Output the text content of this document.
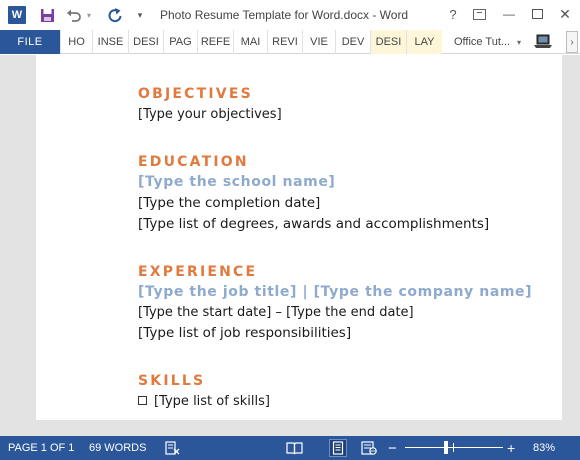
W	▾	▾	Photo Resume Template for Word.docx - Word	?	—	✕
FILE	HO	INSE DESI PAG REFE MAI	REVI	VIE	DEV	DESI	LAY	Office Tut... ▾	›
OBJECTIVES
[Type your objectives]
EDUCATION
[Type the school name]
[Type the completion date]
[Type list of degrees, awards and accomplishments]
EXPERIENCE
[Type the job title] | [Type the company name]
[Type the start date] – [Type the end date]
[Type list of job responsibilities]
SKILLS
[Type list of skills]
PAGE 1 OF 1 69 WORDS	−	+ 83%
